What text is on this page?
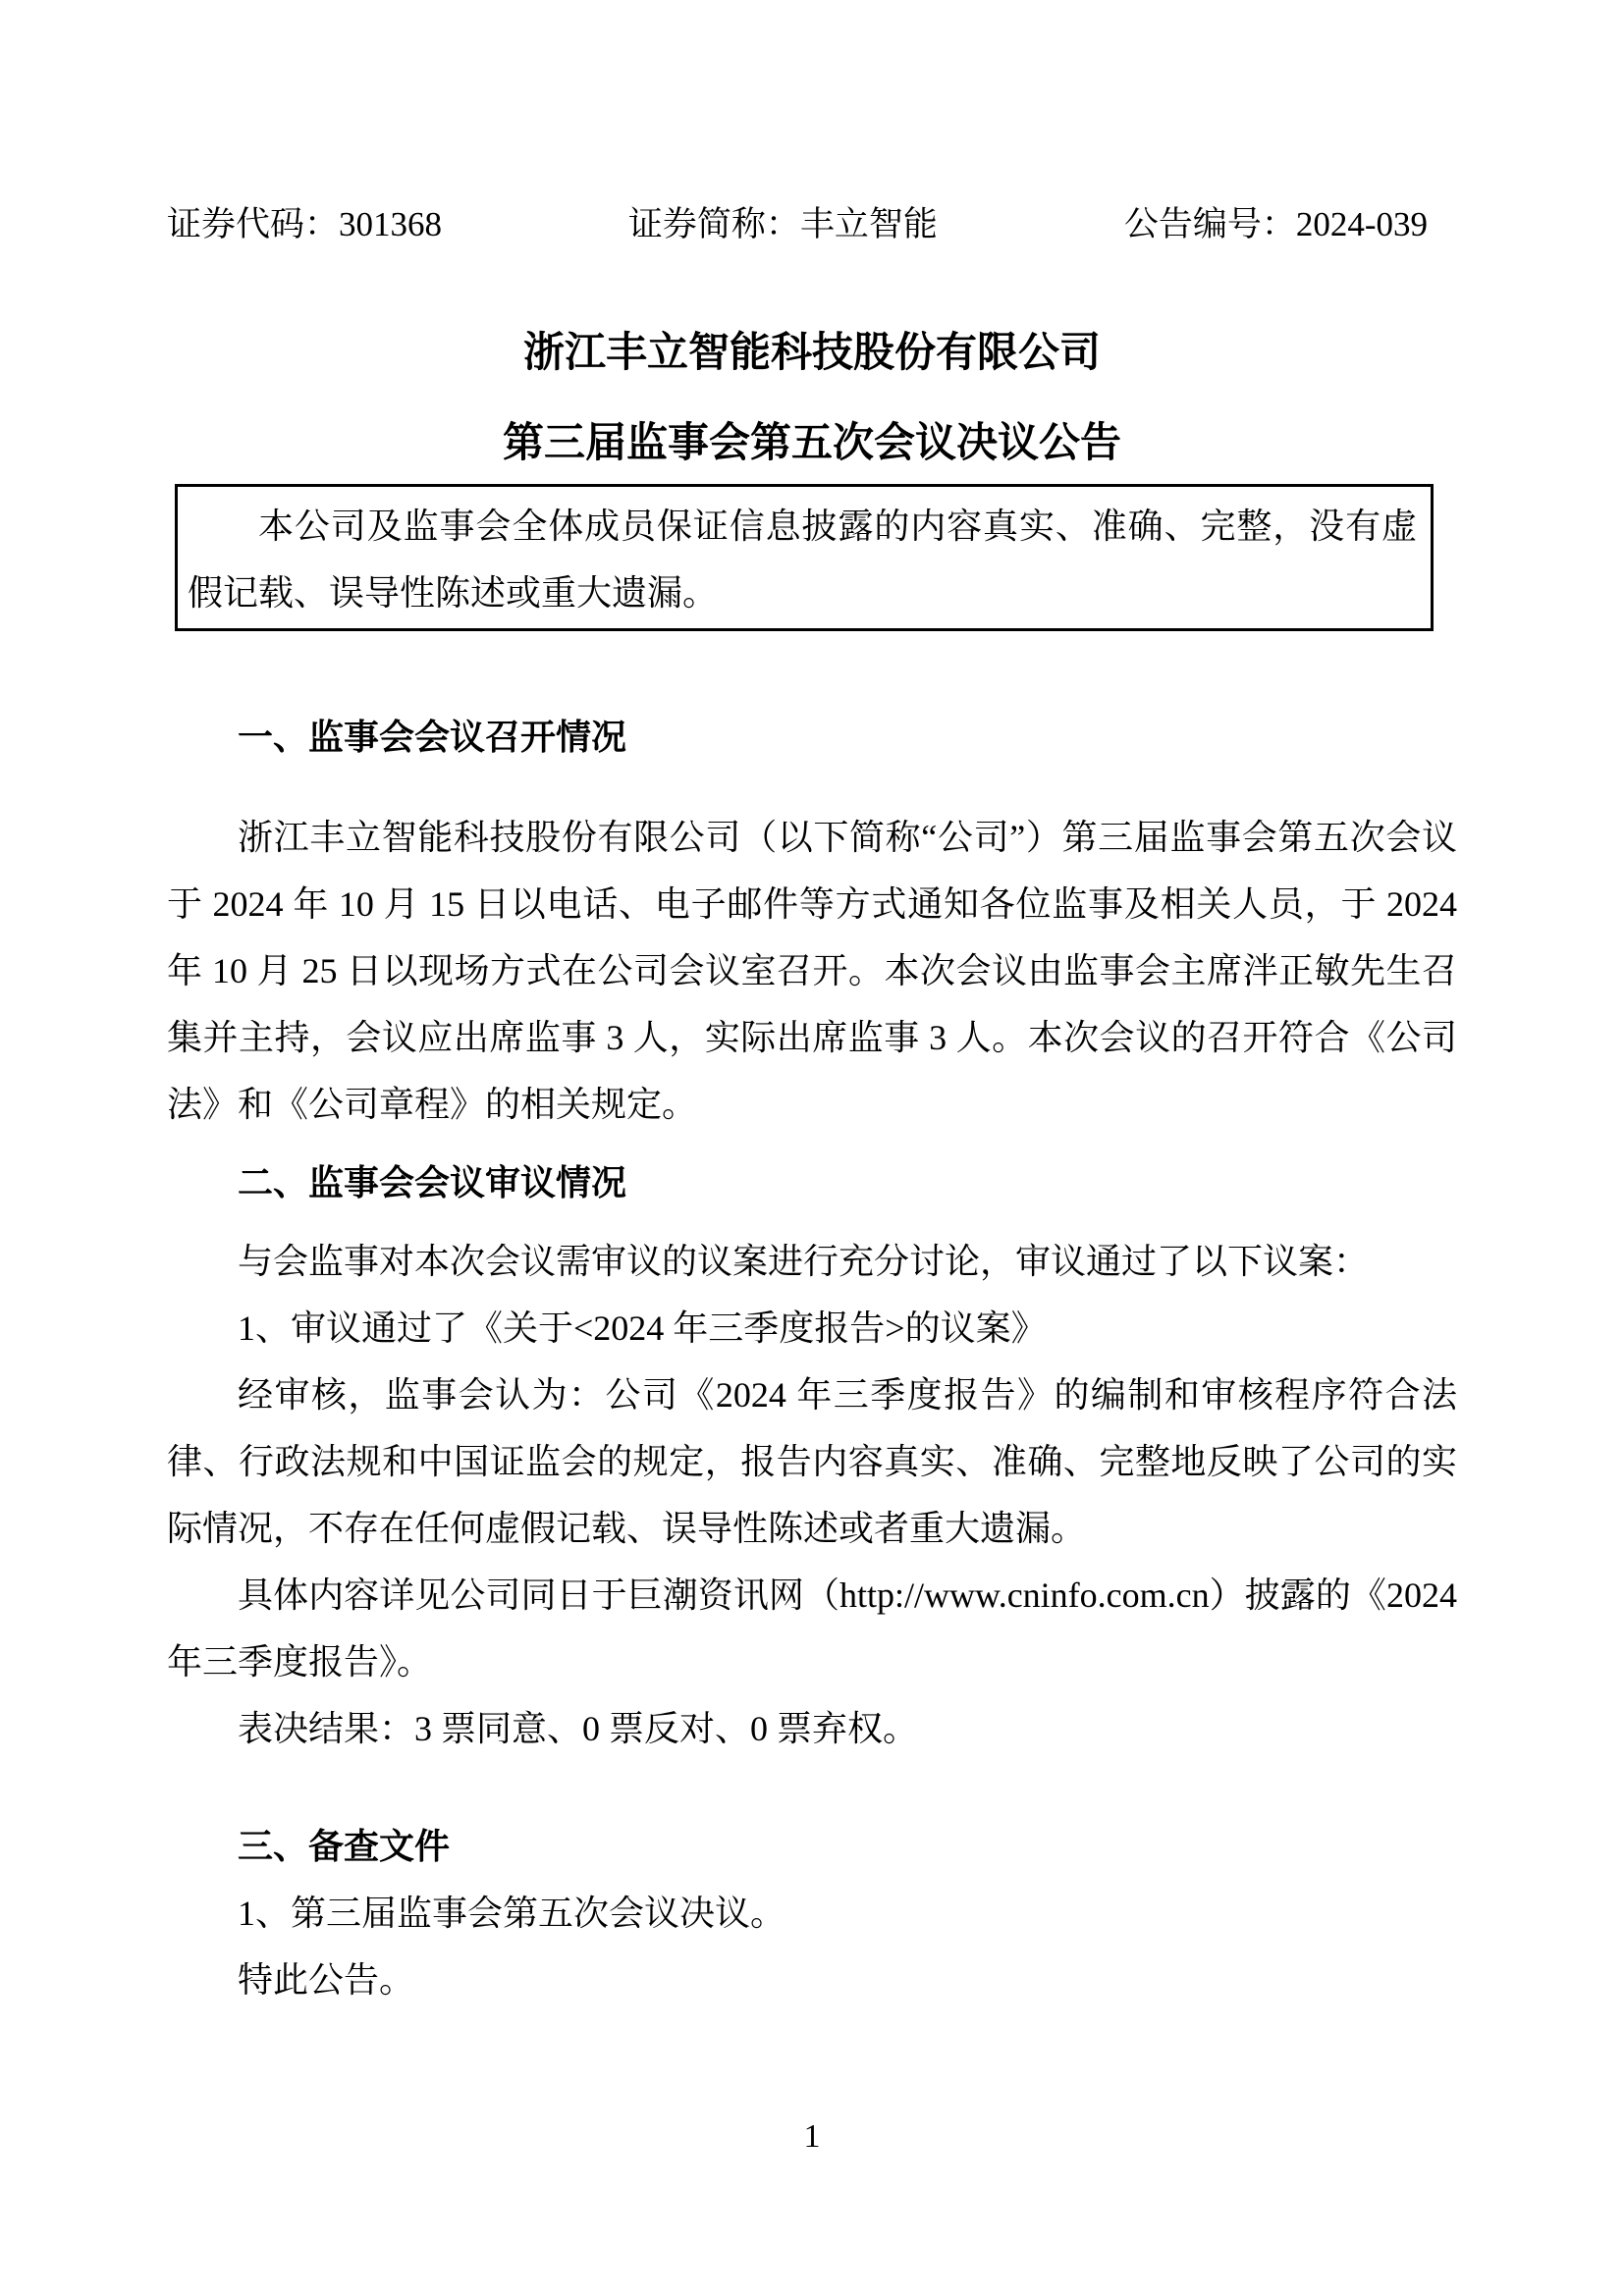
证券代码：301368	证券简称：丰立智能	公告编号：2024-039
浙江丰立智能科技股份有限公司
第三届监事会第五次会议决议公告

本公司及监事会全体成员保证信息披露的内容真实、准确、完整，没有虚假记载、误导性陈述或重大遗漏。

一、监事会会议召开情况

浙江丰立智能科技股份有限公司（以下简称“公司”）第三届监事会第五次会议于 2024 年 10 月 15 日以电话、电子邮件等方式通知各位监事及相关人员，于 2024 年 10 月 25 日以现场方式在公司会议室召开。本次会议由监事会主席泮正敏先生召集并主持，会议应出席监事 3 人，实际出席监事 3 人。本次会议的召开符合《公司法》和《公司章程》的相关规定。

二、监事会会议审议情况

与会监事对本次会议需审议的议案进行充分讨论，审议通过了以下议案：

1、审议通过了《关于<2024 年三季度报告>的议案》

经审核，监事会认为：公司《2024 年三季度报告》的编制和审核程序符合法律、行政法规和中国证监会的规定，报告内容真实、准确、完整地反映了公司的实际情况，不存在任何虚假记载、误导性陈述或者重大遗漏。

具体内容详见公司同日于巨潮资讯网（http://www.cninfo.com.cn）披露的《2024 年三季度报告》。

表决结果：3 票同意、0 票反对、0 票弃权。

三、备查文件

1、第三届监事会第五次会议决议。

特此公告。

1
